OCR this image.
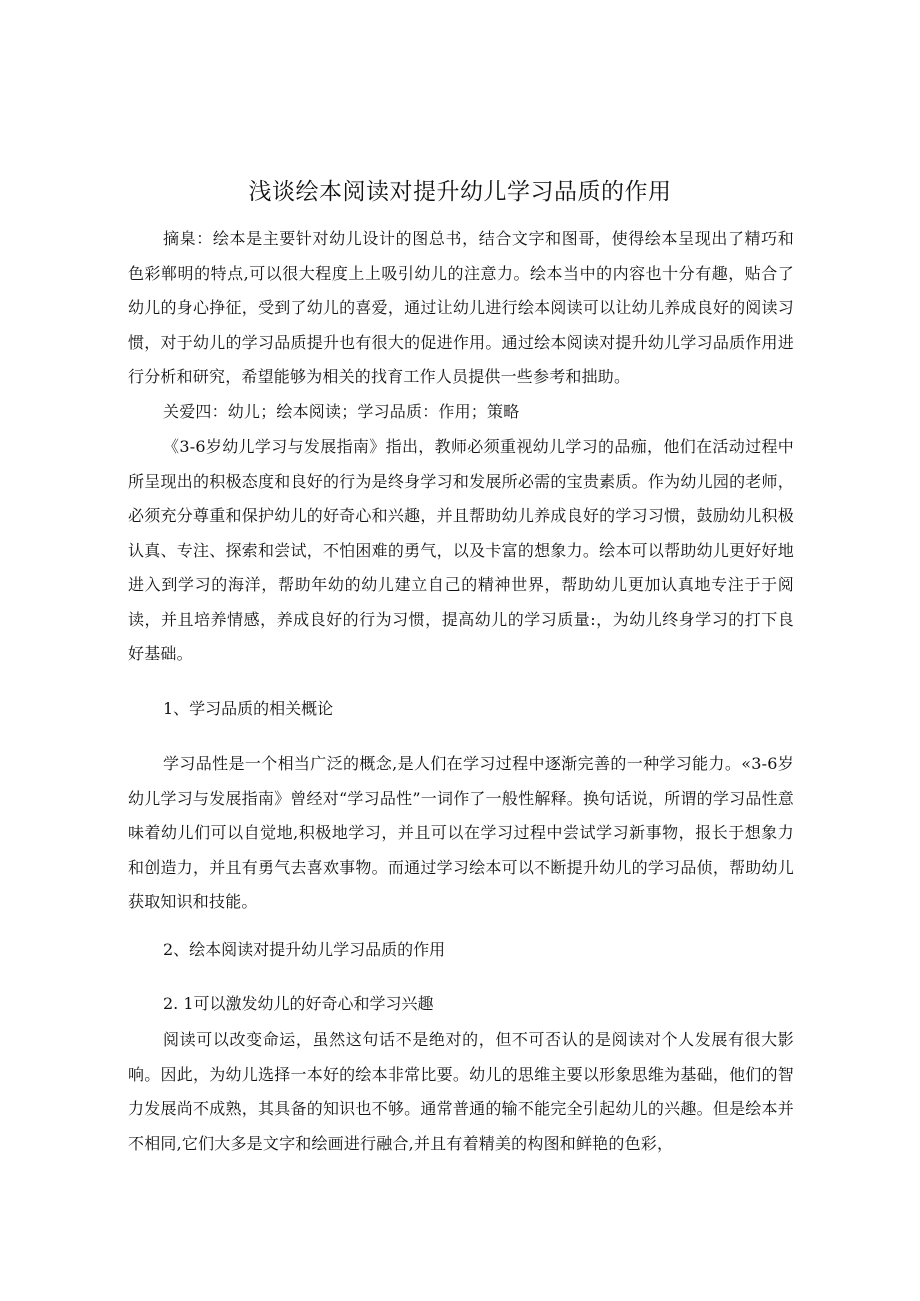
浅谈绘本阅读对提升幼儿学习品质的作用

摘臬：绘本是主要针对幼儿设计的图总书，结合文字和图哥，使得绘本呈现出了精巧和色彩郸明的特点,可以很大程度上上吸引幼儿的注意力。绘本当中的内容也十分有趣，贴合了幼儿的身心挣征，受到了幼儿的喜爱，通过让幼儿进行绘本阅读可以让幼儿养成良好的阅读习惯，对于幼儿的学习品质提升也有很大的促进作用。通过绘本阅读对提升幼儿学习品质作用进行分析和研究，希望能够为相关的找育工作人员提供一些参考和拙助。

关爱四：幼儿；绘本阅读；学习品质：作用；策略

《3-6岁幼儿学习与发展指南》指出，教师必须重视幼儿学习的品痂，他们在活动过程中所呈现出的积极态度和良好的行为是终身学习和发展所必需的宝贵素质。作为幼儿园的老师，必须充分尊重和保护幼儿的好奇心和兴趣，并且帮助幼儿养成良好的学习习惯，鼓励幼儿积极认真、专注、探索和尝试，不怕困难的勇气，以及卡富的想象力。绘本可以帮助幼儿更好好地进入到学习的海洋，帮助年幼的幼儿建立自己的精神世界，帮助幼儿更加认真地专注于于阅读，并且培养情感，养成良好的行为习惯，提高幼儿的学习质量:，为幼儿终身学习的打下良好基础。

1、学习品质的相关概论

学习品性是一个相当广泛的概念,是人们在学习过程中逐渐完善的一种学习能力。«3-6岁幼儿学习与发展指南》曾经对“学习品性”一词作了一般性解释。换句话说，所谓的学习品性意味着幼儿们可以自觉地,积极地学习，并且可以在学习过程中尝试学习新事物，报长于想象力和创造力，并且有勇气去喜欢事物。而通过学习绘本可以不断提升幼儿的学习品侦，帮助幼儿获取知识和技能。

2、绘本阅读对提升幼儿学习品质的作用

2. 1可以激发幼儿的好奇心和学习兴趣

阅读可以改变命运，虽然这句话不是绝对的，但不可否认的是阅读对个人发展有很大影响。因此，为幼儿选择一本好的绘本非常比要。幼儿的思维主要以形象思维为基础，他们的智力发展尚不成熟，其具备的知识也不够。通常普通的输不能完全引起幼儿的兴趣。但是绘本并不相同,它们大多是文字和绘画进行融合,并且有着精美的构图和鲜艳的色彩，
